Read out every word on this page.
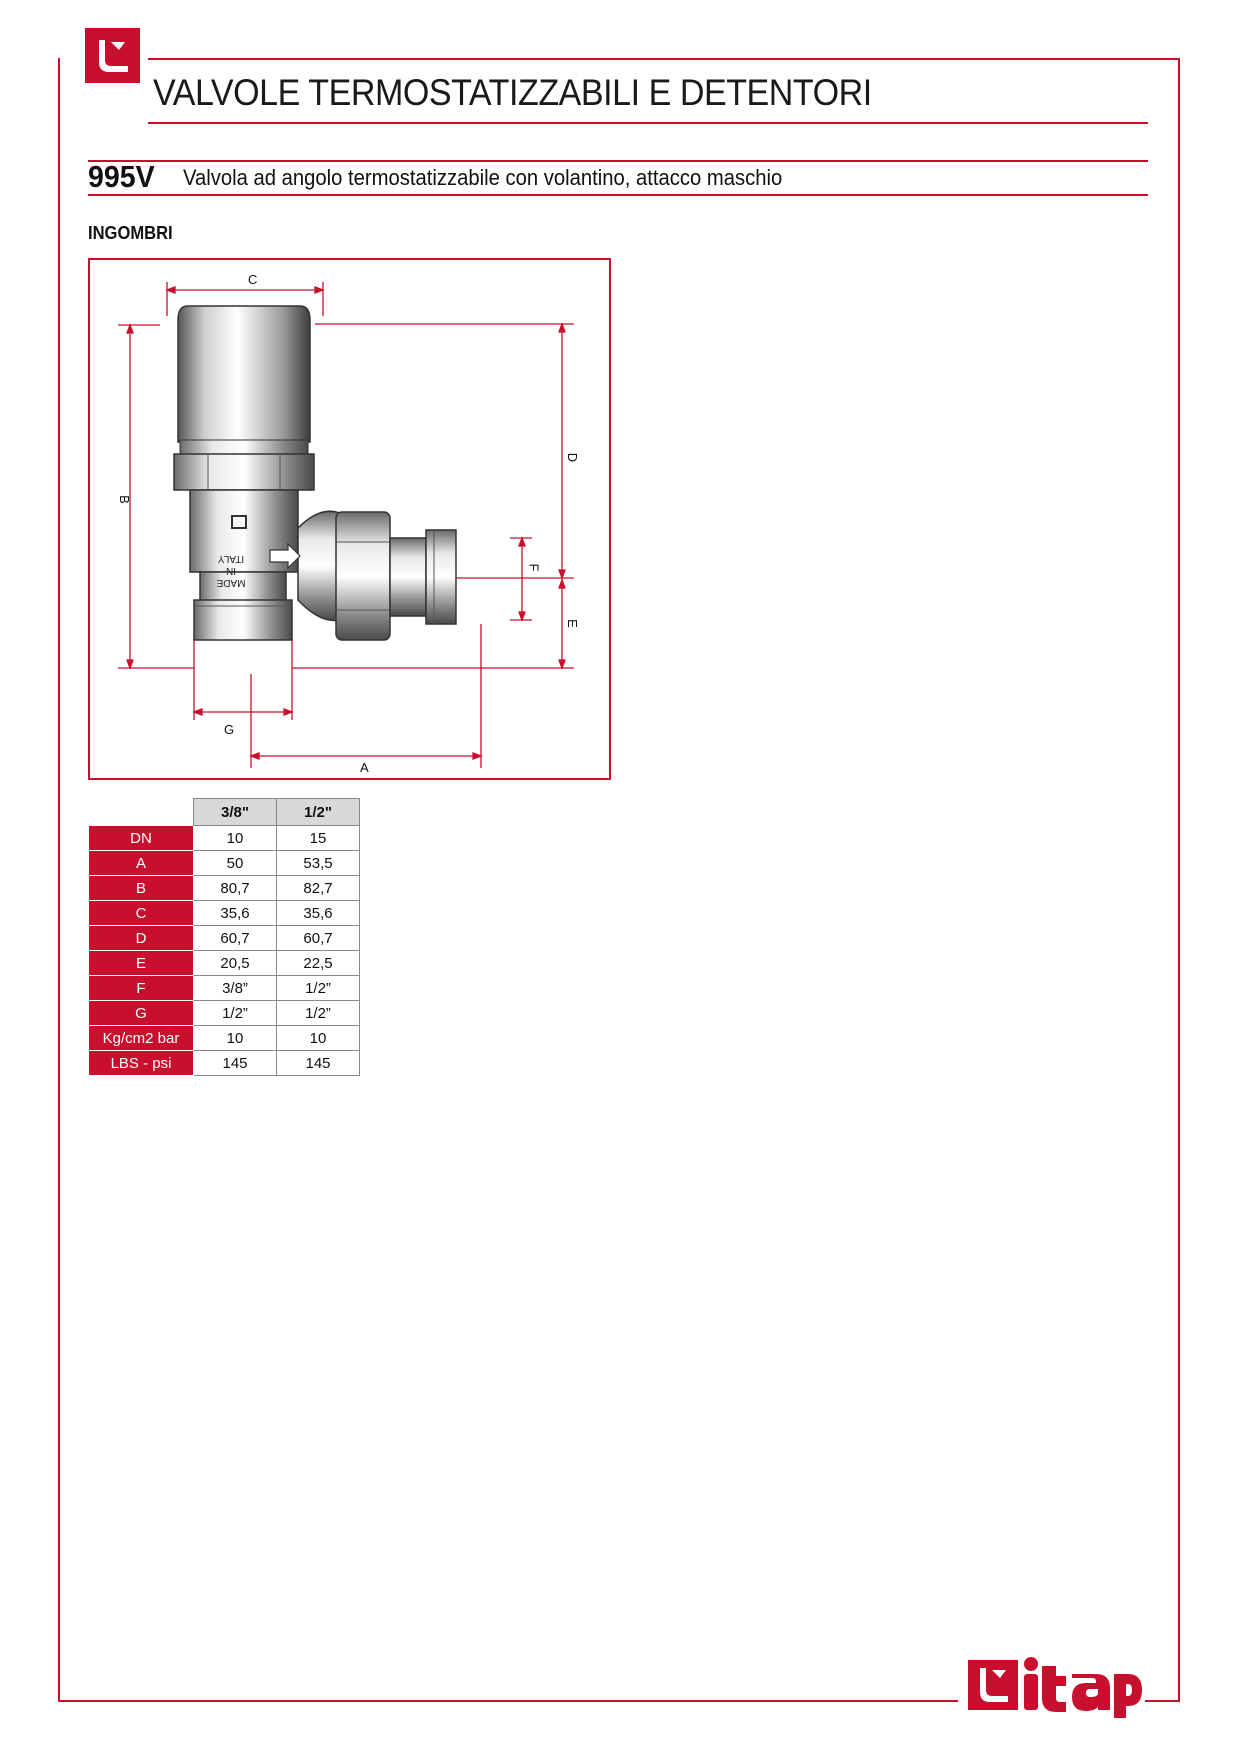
VALVOLE TERMOSTATIZZABILI E DETENTORI
995V Valvola ad angolo termostatizzabile con volantino, attacco maschio
INGOMBRI
ITALY
IN
MADE
C
B
D
F
E
G
A
	3/8"	1/2"
DN	10	15
A	50	53,5
B	80,7	82,7
C	35,6	35,6
D	60,7	60,7
E	20,5	22,5
F	3/8”	1/2”
G	1/2”	1/2”
Kg/cm2 bar	10	10
LBS - psi	145	145
